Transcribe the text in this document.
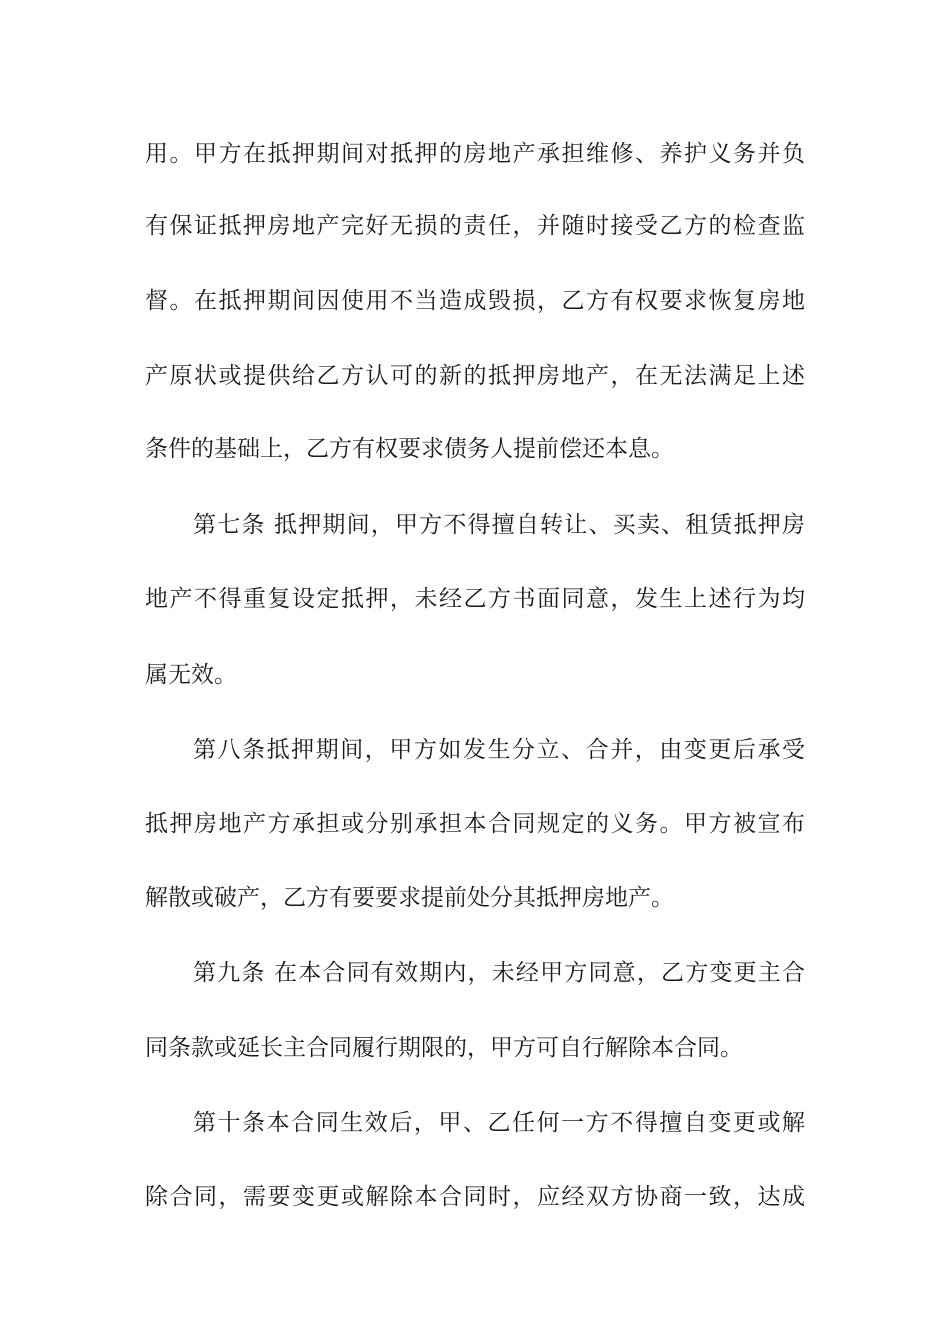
用。甲方在抵押期间对抵押的房地产承担维修、养护义务并负
有保证抵押房地产完好无损的责任，并随时接受乙方的检查监
督。在抵押期间因使用不当造成毁损，乙方有权要求恢复房地
产原状或提供给乙方认可的新的抵押房地产，在无法满足上述
条件的基础上，乙方有权要求债务人提前偿还本息。
第七条 抵押期间，甲方不得擅自转让、买卖、租赁抵押房
地产不得重复设定抵押，未经乙方书面同意，发生上述行为均
属无效。
第八条抵押期间，甲方如发生分立、合并，由变更后承受
抵押房地产方承担或分别承担本合同规定的义务。甲方被宣布
解散或破产，乙方有要要求提前处分其抵押房地产。
第九条 在本合同有效期内，未经甲方同意，乙方变更主合
同条款或延长主合同履行期限的，甲方可自行解除本合同。
第十条本合同生效后，甲、乙任何一方不得擅自变更或解
除合同，需要变更或解除本合同时，应经双方协商一致，达成
